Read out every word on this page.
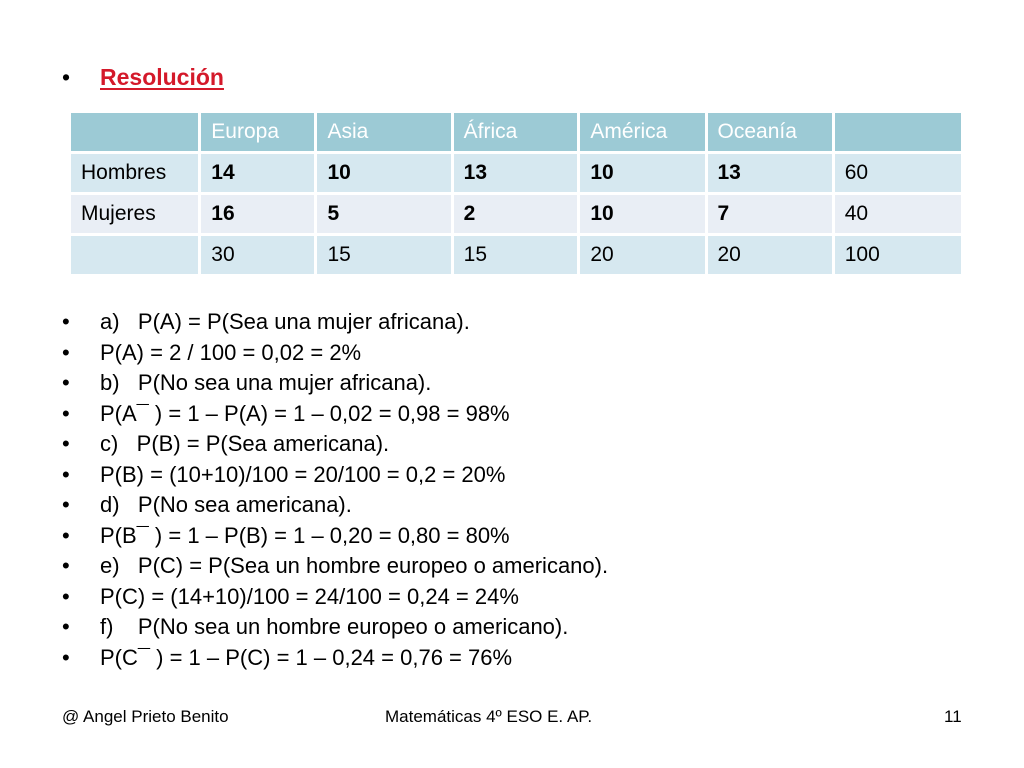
•	Resolución
	Europa	Asia	África	América	Oceanía	
Hombres	14	10	13	10	13	60
Mujeres	16	5	2	10	7	40
	30	15	15	20	20	100
•	a)   P(A) = P(Sea una mujer africana).
•	P(A) = 2 / 100 = 0,02 = 2%
•	b)   P(No sea una mujer africana).
•	P(A¯ ) = 1 – P(A) = 1 – 0,02 = 0,98 = 98%
•	c)   P(B) = P(Sea americana).
•	P(B) = (10+10)/100 = 20/100 = 0,2 = 20%
•	d)   P(No sea americana).
•	P(B¯ ) = 1 – P(B) = 1 – 0,20 = 0,80 = 80%
•	e)   P(C) = P(Sea un hombre europeo o americano).
•	P(C) = (14+10)/100 = 24/100 = 0,24 = 24%
•	f)    P(No sea un hombre europeo o americano).
•	P(C¯ ) = 1 – P(C) = 1 – 0,24 = 0,76 = 76%
@ Angel Prieto Benito	Matemáticas 4º ESO E. AP.	11
